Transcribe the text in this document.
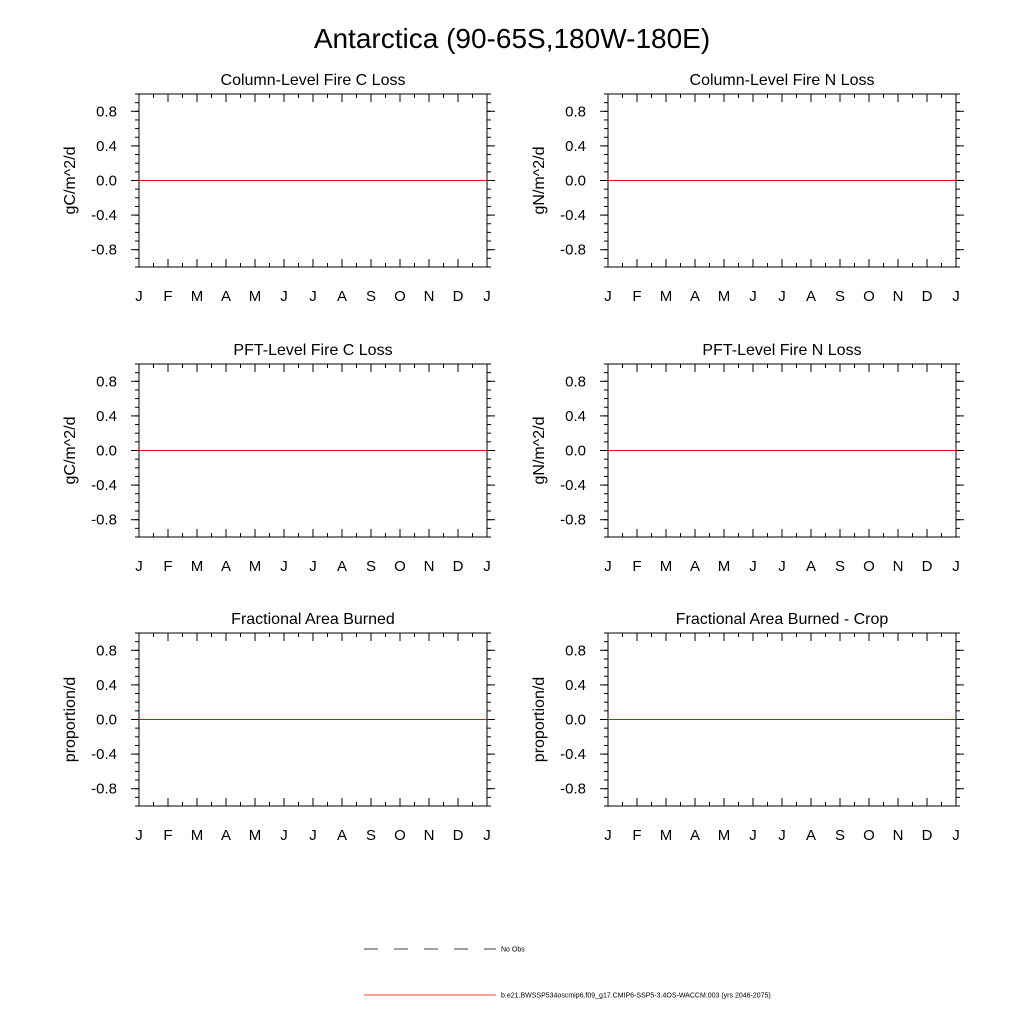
Antarctica (90-65S,180W-180E)
Column-Level Fire C Loss
J F M A M J J A S O N D J
0.8
0.4
0.0
-0.4
-0.8
gC/m^2/d
Column-Level Fire N Loss
J F M A M J J A S O N D J
0.8
0.4
0.0
-0.4
-0.8
gN/m^2/d
PFT-Level Fire C Loss
J F M A M J J A S O N D J
0.8
0.4
0.0
-0.4
-0.8
gC/m^2/d
PFT-Level Fire N Loss
J F M A M J J A S O N D J
0.8
0.4
0.0
-0.4
-0.8
gN/m^2/d
Fractional Area Burned
J F M A M J J A S O N D J
0.8
0.4
0.0
-0.4
-0.8
proportion/d
Fractional Area Burned - Crop
J F M A M J J A S O N D J
0.8
0.4
0.0
-0.4
-0.8
proportion/d
No Obs
b.e21.BWSSP534oscmip6.f09_g17.CMIP6-SSP5-3.4OS-WACCM.003 (yrs 2046-2075)
